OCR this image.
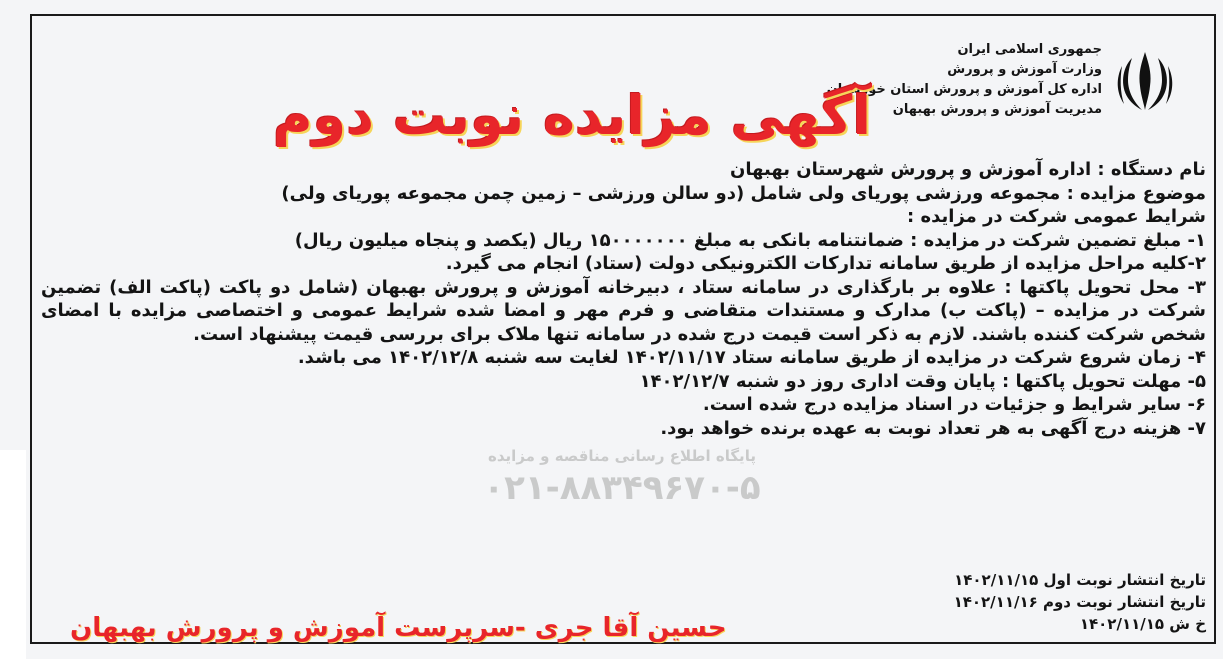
جمهوری اسلامی ایران
وزارت آموزش و پرورش
اداره کل آموزش و پرورش استان خوزستان
مدیریت آموزش و پرورش بهبهان
آگهی مزایده نوبت دوم
پایگاه اطلاع رسانی مناقصه و مزایده
۰۲۱-۸۸۳۴۹۶۷۰-۵
نام دستگاه : اداره آموزش و پرورش شهرستان بهبهان
موضوع مزایده : مجموعه ورزشی پوریای ولی شامل (دو سالن ورزشی – زمین چمن مجموعه پوریای ولی)
شرایط عمومی شرکت در مزایده :
۱- مبلغ تضمین شرکت در مزایده : ضمانتنامه بانکی به مبلغ ۱۵۰۰۰۰۰۰۰ ریال (یکصد و پنجاه میلیون ریال)
۲-کلیه مراحل مزایده از طریق سامانه تدارکات الکترونیکی دولت (ستاد) انجام می گیرد.
۳- محل تحویل پاکتها : علاوه بر بارگذاری در سامانه ستاد ، دبیرخانه آموزش و پرورش بهبهان (شامل دو پاکت (پاکت الف) تضمین شرکت در مزایده – (پاکت ب) مدارک و مستندات متقاضی و فرم مهر و امضا شده شرایط عمومی و اختصاصی مزایده با امضای شخص شرکت کننده باشند. لازم به ذکر است قیمت درج شده در سامانه تنها ملاک برای بررسی قیمت پیشنهاد است.
۴- زمان شروع شرکت در مزایده از طریق سامانه ستاد ۱۴۰۲/۱۱/۱۷ لغایت سه شنبه ۱۴۰۲/۱۲/۸ می باشد.
۵- مهلت تحویل پاکتها : پایان وقت اداری روز دو شنبه ۱۴۰۲/۱۲/۷
۶- سایر شرایط و جزئیات در اسناد مزایده درج شده است.
۷- هزینه درج آگهی به هر تعداد نوبت به عهده برنده خواهد بود.
تاریخ انتشار نوبت اول ۱۴۰۲/۱۱/۱۵
تاریخ انتشار نوبت دوم ۱۴۰۲/۱۱/۱۶
خ ش ۱۴۰۲/۱۱/۱۵
حسین آقا جری -سرپرست آموزش و پرورش بهبهان
